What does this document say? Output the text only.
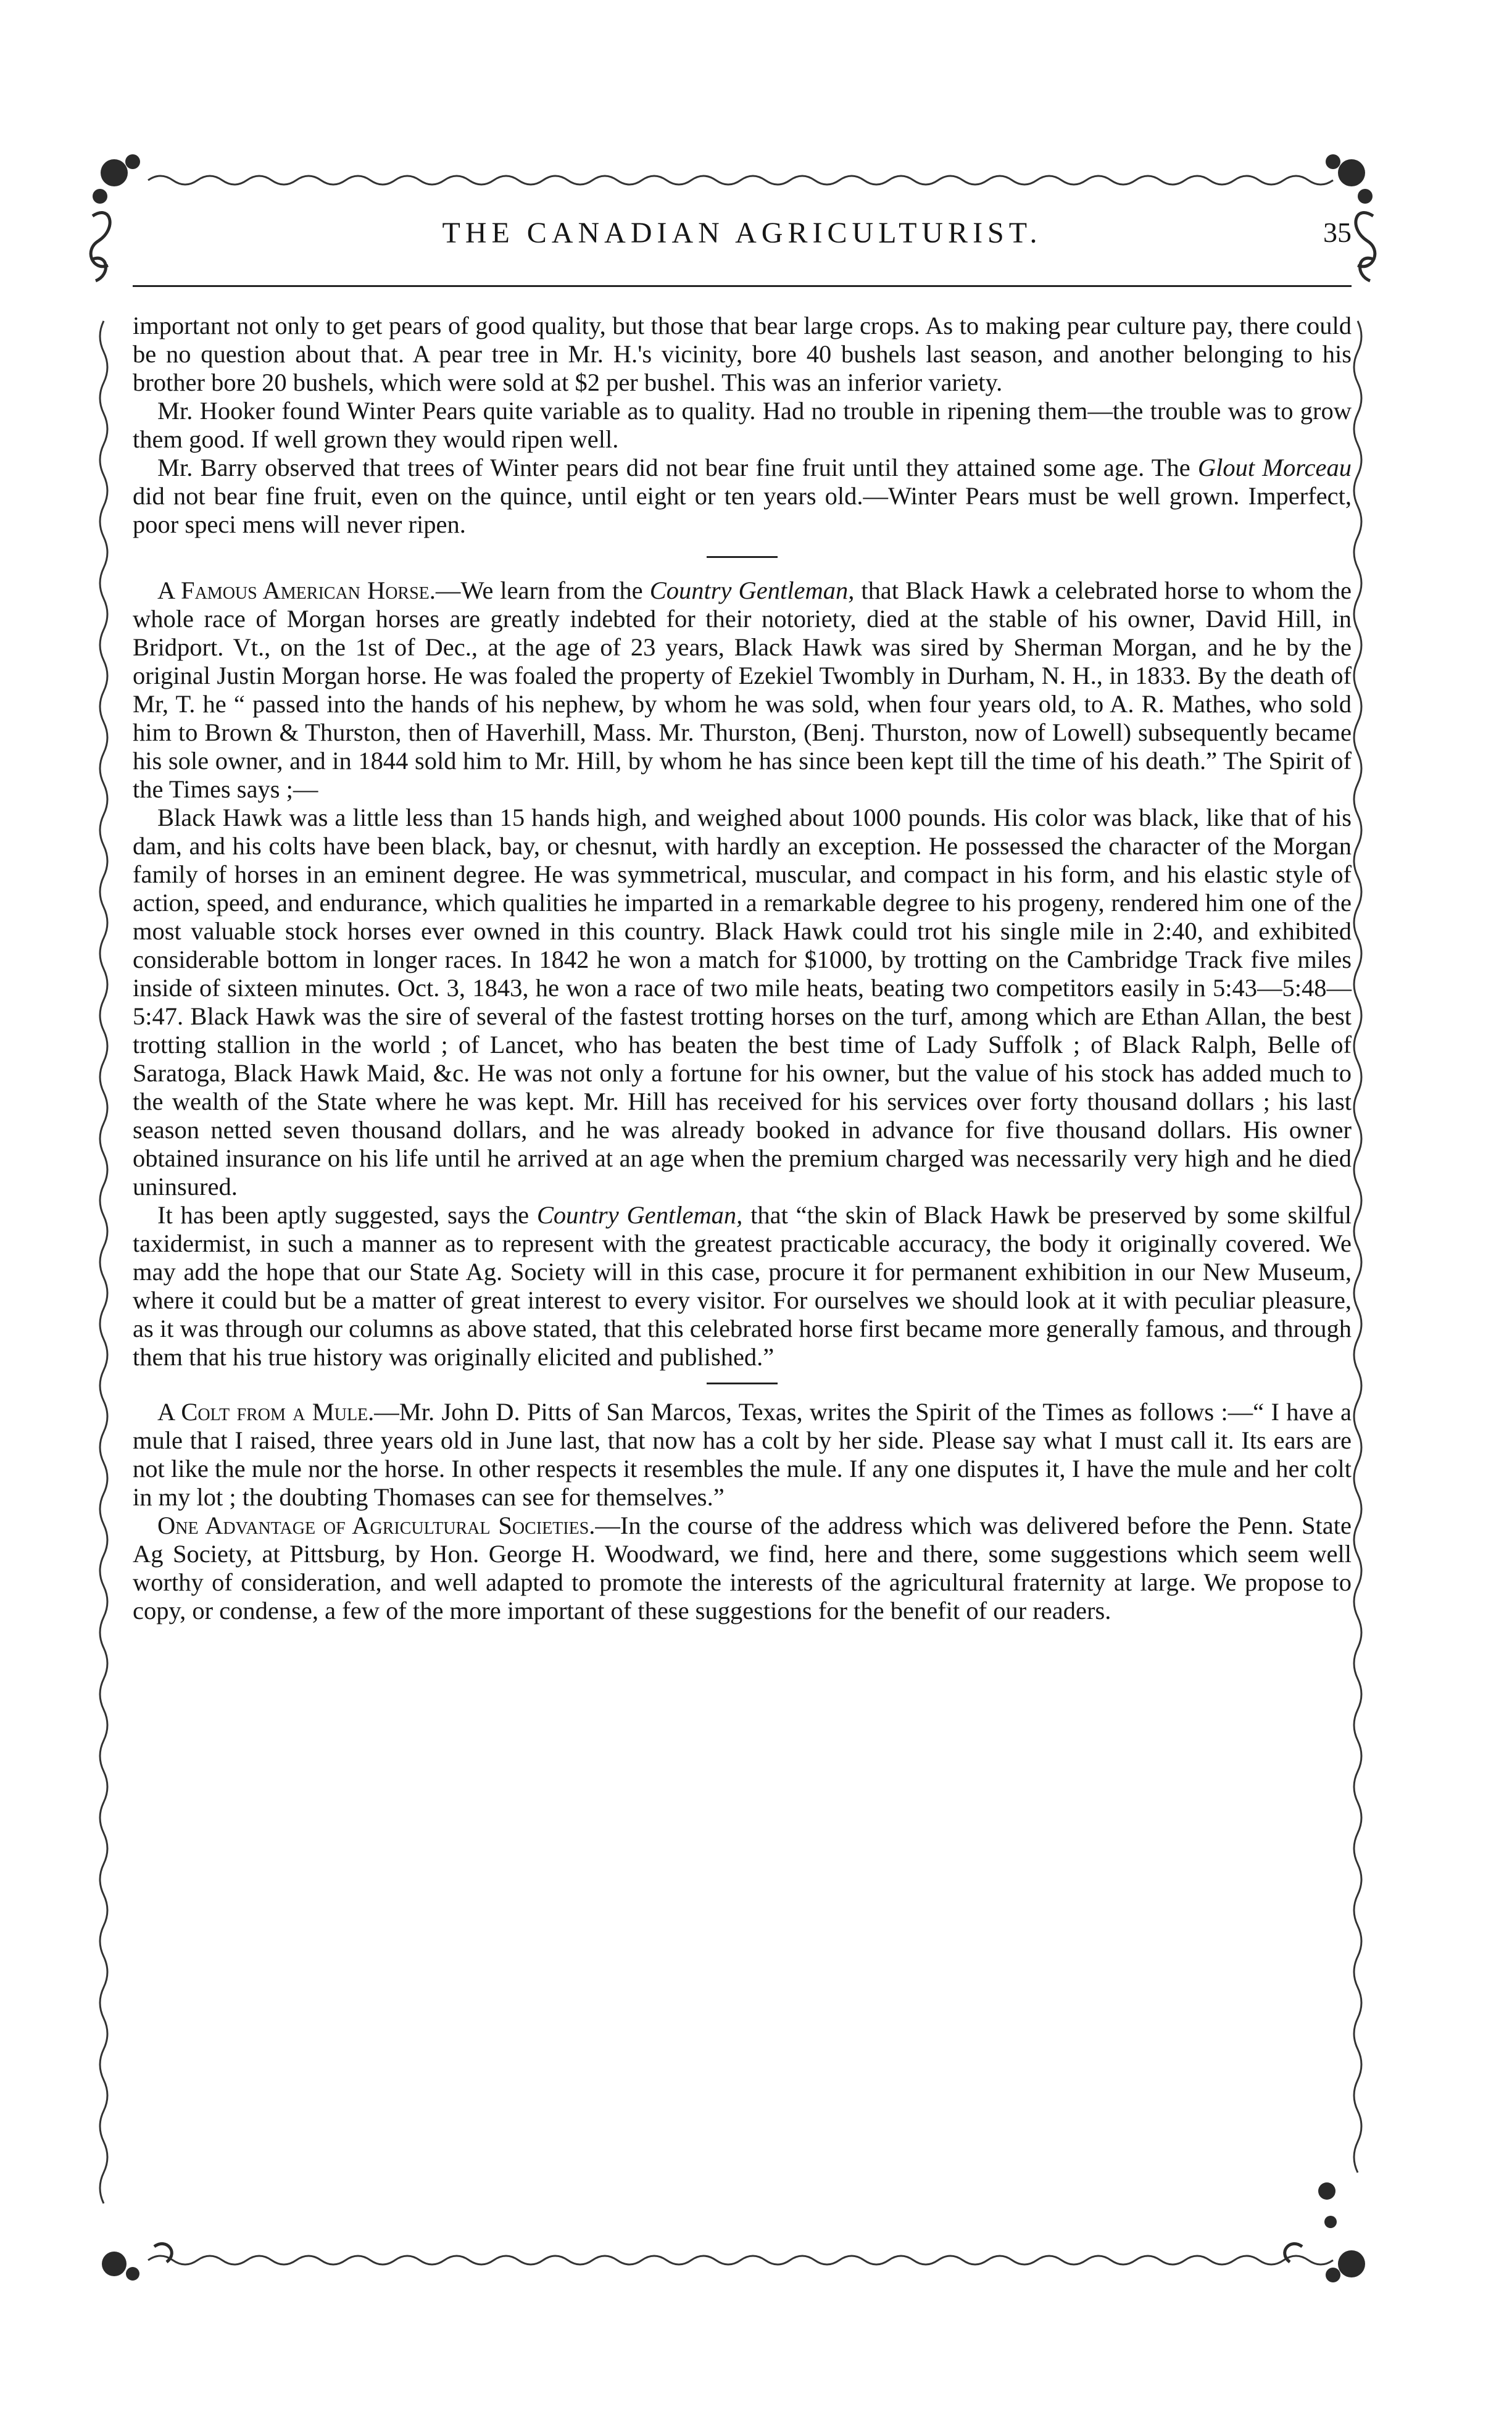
THE CANADIAN AGRICULTURIST.	35

important not only to get pears of good quality, but those that bear large crops. As to making pear culture pay, there could be no question about that. A pear tree in Mr. H.'s vicinity, bore 40 bushels last season, and another belonging to his brother bore 20 bushels, which were sold at $2 per bushel. This was an inferior variety.

Mr. Hooker found Winter Pears quite variable as to quality. Had no trouble in ripening them—the trouble was to grow them good. If well grown they would ripen well.

Mr. Barry observed that trees of Winter pears did not bear fine fruit until they attained some age. The Glout Morceau did not bear fine fruit, even on the quince, until eight or ten years old.—Winter Pears must be well grown. Imperfect, poor speci mens will never ripen.

A Famous American Horse.—We learn from the Country Gentleman, that Black Hawk a celebrated horse to whom the whole race of Morgan horses are greatly indebted for their notoriety, died at the stable of his owner, David Hill, in Bridport. Vt., on the 1st of Dec., at the age of 23 years, Black Hawk was sired by Sherman Morgan, and he by the original Justin Morgan horse. He was foaled the property of Ezekiel Twombly in Durham, N. H., in 1833. By the death of Mr, T. he “ passed into the hands of his nephew, by whom he was sold, when four years old, to A. R. Mathes, who sold him to Brown & Thurston, then of Haverhill, Mass. Mr. Thurston, (Benj. Thurston, now of Lowell) subsequently became his sole owner, and in 1844 sold him to Mr. Hill, by whom he has since been kept till the time of his death.” The Spirit of the Times says ;—

Black Hawk was a little less than 15 hands high, and weighed about 1000 pounds. His color was black, like that of his dam, and his colts have been black, bay, or chesnut, with hardly an exception. He possessed the character of the Morgan family of horses in an eminent degree. He was symmetrical, muscular, and compact in his form, and his elastic style of action, speed, and endurance, which qualities he imparted in a remarkable degree to his progeny, rendered him one of the most valuable stock horses ever owned in this country. Black Hawk could trot his single mile in 2:40, and exhibited considerable bottom in longer races. In 1842 he won a match for $1000, by trotting on the Cambridge Track five miles inside of sixteen minutes. Oct. 3, 1843, he won a race of two mile heats, beating two competitors easily in 5:43—5:48—5:47. Black Hawk was the sire of several of the fastest trotting horses on the turf, among which are Ethan Allan, the best trotting stallion in the world ; of Lancet, who has beaten the best time of Lady Suffolk ; of Black Ralph, Belle of Saratoga, Black Hawk Maid, &c. He was not only a fortune for his owner, but the value of his stock has added much to the wealth of the State where he was kept. Mr. Hill has received for his services over forty thousand dollars ; his last season netted seven thousand dollars, and he was already booked in advance for five thousand dollars. His owner obtained insurance on his life until he arrived at an age when the premium charged was necessarily very high and he died uninsured.

It has been aptly suggested, says the Country Gentleman, that “the skin of Black Hawk be preserved by some skilful taxidermist, in such a manner as to represent with the greatest practicable accuracy, the body it originally covered. We may add the hope that our State Ag. Society will in this case, procure it for permanent exhibition in our New Museum, where it could but be a matter of great interest to every visitor. For ourselves we should look at it with peculiar pleasure, as it was through our columns as above stated, that this celebrated horse first became more generally famous, and through them that his true history was originally elicited and published.”

A Colt from a Mule.—Mr. John D. Pitts of San Marcos, Texas, writes the Spirit of the Times as follows :—“ I have a mule that I raised, three years old in June last, that now has a colt by her side. Please say what I must call it. Its ears are not like the mule nor the horse. In other respects it resembles the mule. If any one disputes it, I have the mule and her colt in my lot ; the doubting Thomases can see for themselves.”

One Advantage of Agricultural Societies.—In the course of the address which was delivered before the Penn. State Ag Society, at Pittsburg, by Hon. George H. Woodward, we find, here and there, some suggestions which seem well worthy of consideration, and well adapted to promote the interests of the agricultural fraternity at large. We propose to copy, or condense, a few of the more important of these suggestions for the benefit of our readers.
